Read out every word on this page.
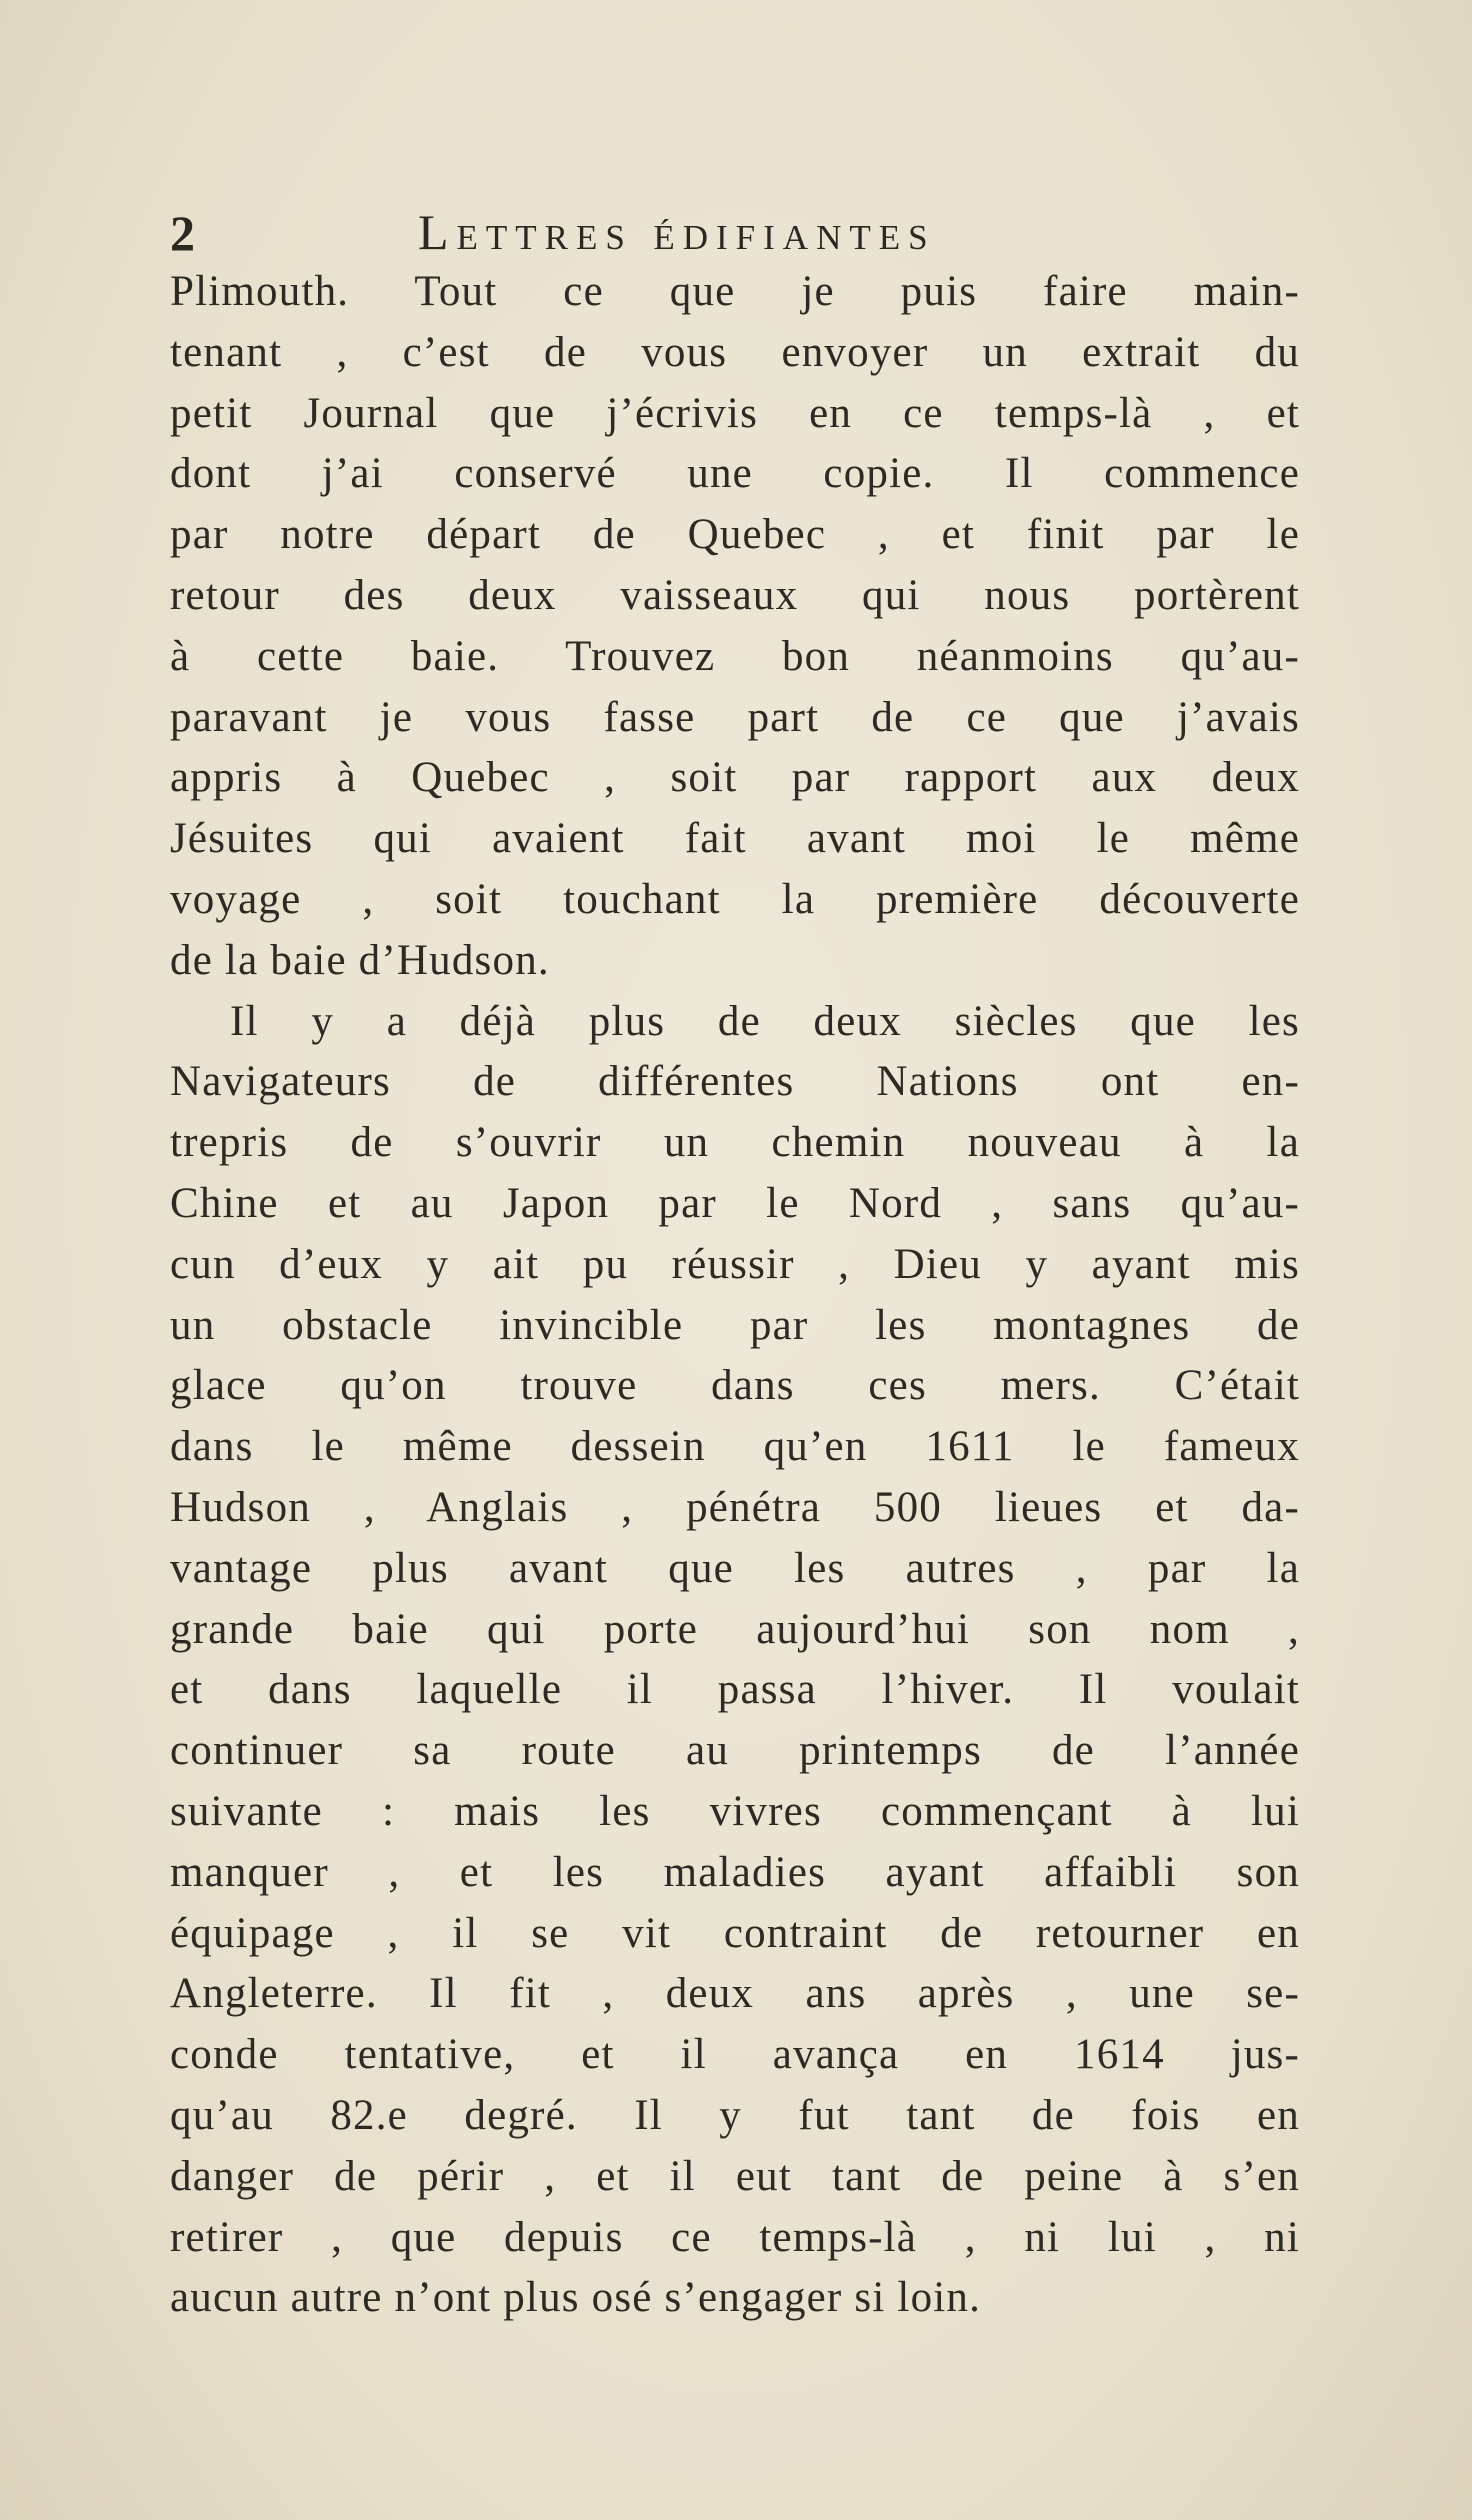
2	Lettres édifiantes
Plimouth. Tout ce que je puis faire main-
tenant , c’est de vous envoyer un extrait du
petit Journal que j’écrivis en ce temps-là , et
dont j’ai conservé une copie. Il commence
par notre départ de Quebec , et finit par le
retour des deux vaisseaux qui nous portèrent
à cette baie. Trouvez bon néanmoins qu’au-
paravant je vous fasse part de ce que j’avais
appris à Quebec , soit par rapport aux deux
Jésuites qui avaient fait avant moi le même
voyage , soit touchant la première découverte
de la baie d’Hudson.
Il y a déjà plus de deux siècles que les
Navigateurs de différentes Nations ont en-
trepris de s’ouvrir un chemin nouveau à la
Chine et au Japon par le Nord , sans qu’au-
cun d’eux y ait pu réussir , Dieu y ayant mis
un obstacle invincible par les montagnes de
glace qu’on trouve dans ces mers. C’était
dans le même dessein qu’en 1611 le fameux
Hudson , Anglais , pénétra 500 lieues et da-
vantage plus avant que les autres , par la
grande baie qui porte aujourd’hui son nom ,
et dans laquelle il passa l’hiver. Il voulait
continuer sa route au printemps de l’année
suivante : mais les vivres commençant à lui
manquer , et les maladies ayant affaibli son
équipage , il se vit contraint de retourner en
Angleterre. Il fit , deux ans après , une se-
conde tentative, et il avança en 1614 jus-
qu’au 82.e degré. Il y fut tant de fois en
danger de périr , et il eut tant de peine à s’en
retirer , que depuis ce temps-là , ni lui , ni
aucun autre n’ont plus osé s’engager si loin.
